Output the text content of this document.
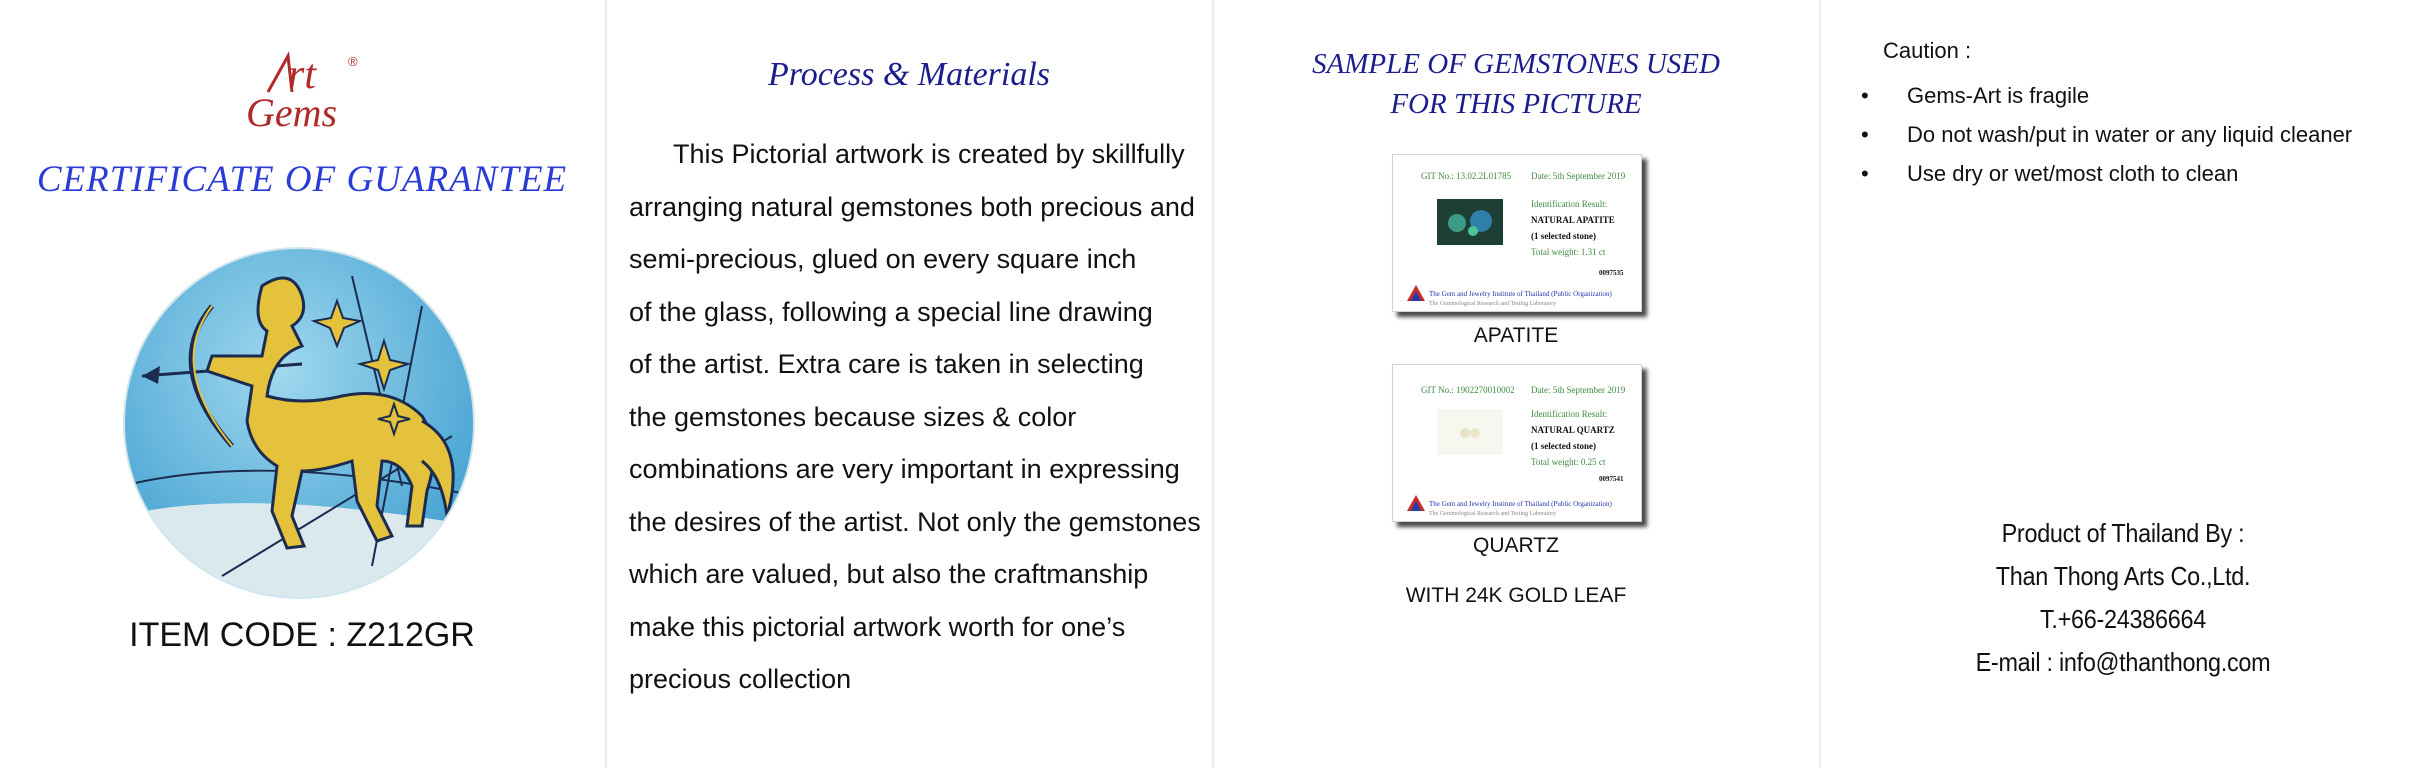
rt
Gems
®
CERTIFICATE OF GUARANTEE
ITEM CODE : Z212GR
Process & Materials
This Pictorial artwork is created by skillfully
arranging natural gemstones both precious and
semi-precious, glued on every square inch
of the glass, following a special line drawing
of the artist. Extra care is taken in selecting
the gemstones because sizes & color
combinations are very important in expressing
the desires of the artist. Not only the gemstones
which are valued, but also the craftmanship
make this pictorial artwork worth for one’s
precious collection
SAMPLE OF GEMSTONES USED
FOR THIS PICTURE
GIT No.: 13.02.2L01785 Date: 5th September 2019
Identification Result:
NATURAL APATITE
(1 selected stone)
Total weight: 1.31 ct
0097535
The Gem and Jewelry Institute of Thailand (Public Organization)
The Gemmological Research and Testing Laboratory
APATITE
GIT No.: 1902270010002 Date: 5th September 2019
Identification Result:
NATURAL QUARTZ
(1 selected stone)
Total weight: 0.25 ct
0097541
The Gem and Jewelry Institute of Thailand (Public Organization)
The Gemmological Research and Testing Laboratory
QUARTZ
WITH 24K GOLD LEAF
Caution :
• Gems-Art is fragile
• Do not wash/put in water or any liquid cleaner
• Use dry or wet/most cloth to clean
Product of Thailand By :
Than Thong Arts Co.,Ltd.
T.+66-24386664
E-mail : info@thanthong.com
